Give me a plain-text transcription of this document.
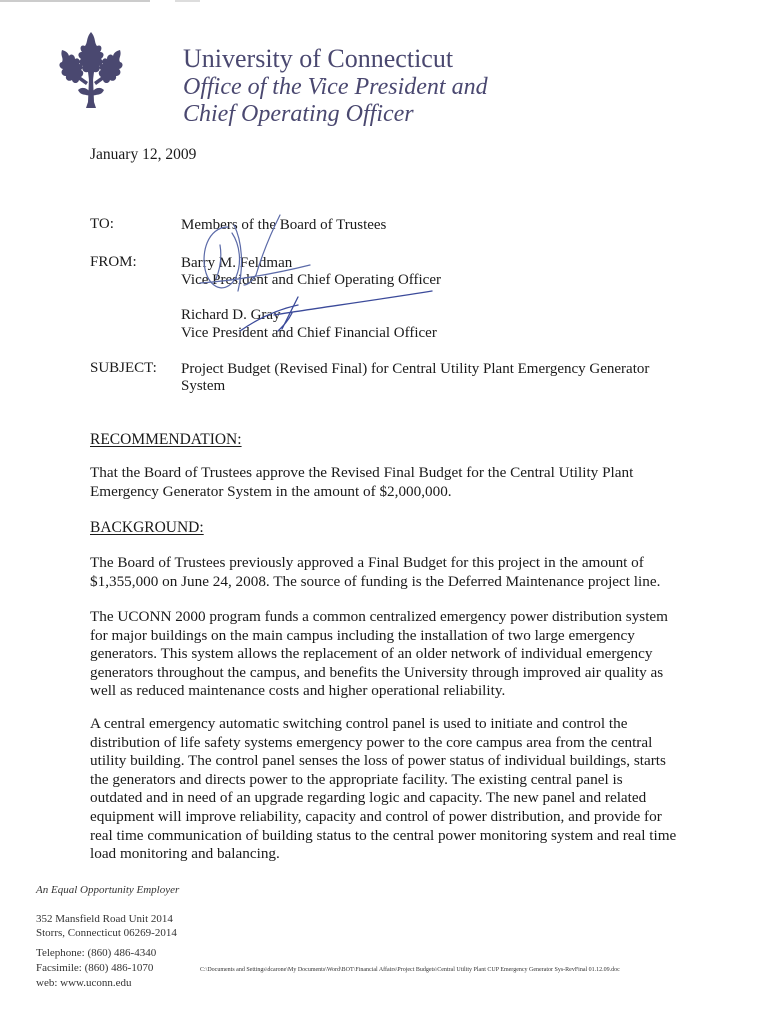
University of Connecticut
Office of the Vice President and
Chief Operating Officer
January 12, 2009
TO:	Members of the Board of Trustees
FROM:	Barry M. Feldman
Vice President and Chief Operating Officer
Richard D. Gray
Vice President and Chief Financial Officer
SUBJECT: Project Budget (Revised Final) for Central Utility Plant Emergency Generator
System
RECOMMENDATION:
That the Board of Trustees approve the Revised Final Budget for the Central Utility Plant
Emergency Generator System in the amount of $2,000,000.
BACKGROUND:
The Board of Trustees previously approved a Final Budget for this project in the amount of
$1,355,000 on June 24, 2008. The source of funding is the Deferred Maintenance project line.
The UCONN 2000 program funds a common centralized emergency power distribution system
for major buildings on the main campus including the installation of two large emergency
generators. This system allows the replacement of an older network of individual emergency
generators throughout the campus, and benefits the University through improved air quality as
well as reduced maintenance costs and higher operational reliability.
A central emergency automatic switching control panel is used to initiate and control the
distribution of life safety systems emergency power to the core campus area from the central
utility building. The control panel senses the loss of power status of individual buildings, starts
the generators and directs power to the appropriate facility. The existing central panel is
outdated and in need of an upgrade regarding logic and capacity. The new panel and related
equipment will improve reliability, capacity and control of power distribution, and provide for
real time communication of building status to the central power monitoring system and real time
load monitoring and balancing.
An Equal Opportunity Employer
352 Mansfield Road Unit 2014
Storrs, Connecticut 06269-2014
Telephone: (860) 486-4340
Facsimile: (860) 486-1070
web: www.uconn.edu
C:\Documents and Settings\dcarone\My Documents\Word\BOT\Financial Affairs\Project Budgets\Central Utility Plant CUP Emergency Generator Sys-RevFinal 01.12.09.doc
